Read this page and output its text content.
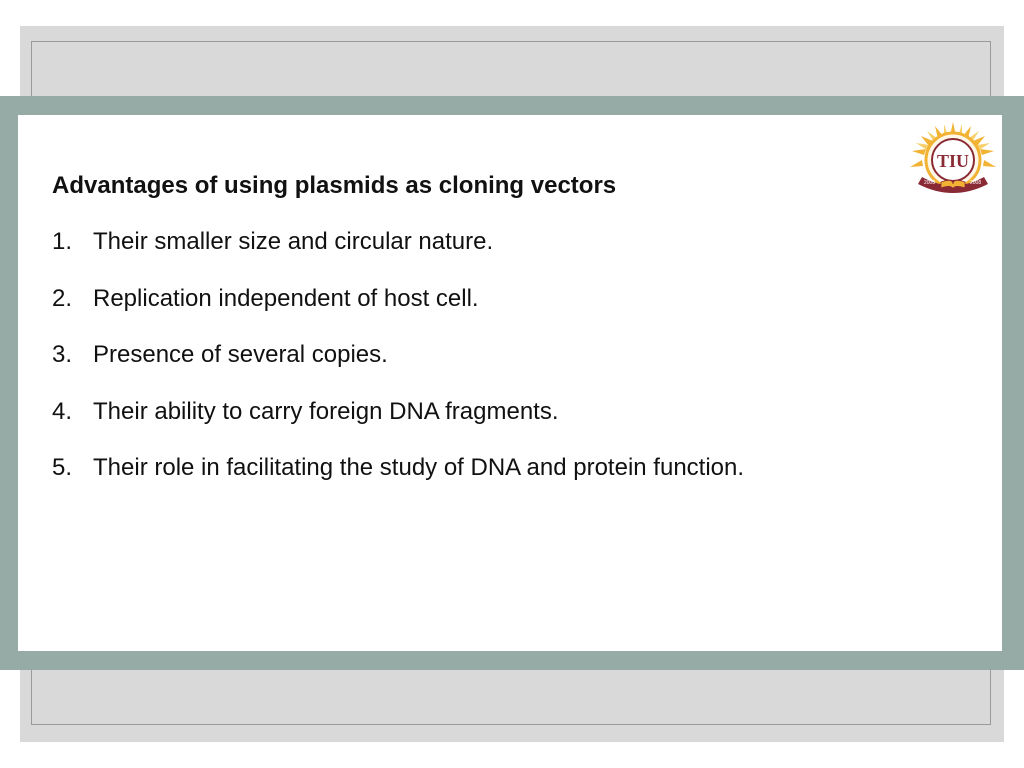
Advantages of using plasmids as cloning vectors
1. Their smaller size and circular nature.
2. Replication independent of host cell.
3. Presence of several copies.
4. Their ability to carry foreign DNA fragments.
5. Their role in facilitating the study of DNA and protein function.
TIU
2008	2008
